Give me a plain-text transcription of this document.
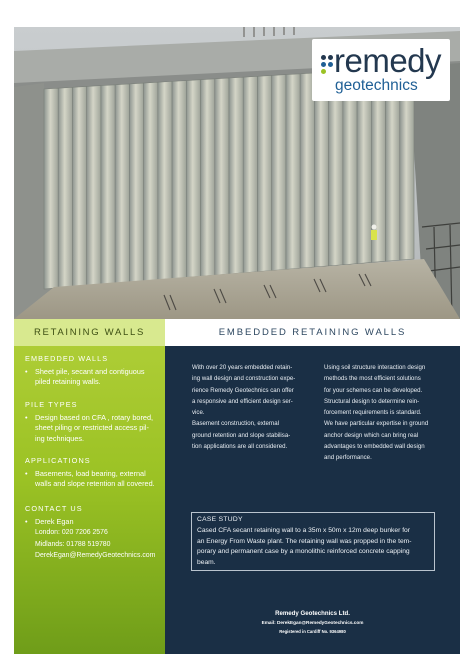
remedy
geotechnics
RETAINING WALLS
EMBEDDED WALLS
• Sheet pile, secant and contiguous
piled retaining walls.
PILE TYPES
• Design based on CFA , rotary bored,
sheet piling or restricted access pil-
ing techniques.
APPLICATIONS
• Basements, load bearing, external
walls and slope retention all covered.
CONTACT US
• Derek Egan
London: 020 7206 2576
Midlands: 01788 519780
DerekEgan@RemedyGeotechnics.com
EMBEDDED RETAINING WALLS
With over 20 years embedded retain-
ing wall design and construction expe-
rience Remedy Geotechnics can offer
a responsive and efficient design ser-
vice.
Basement construction, external
ground retention and slope stabilisa-
tion applications are all considered.
Using soil structure interaction design
methods the most efficient solutions
for your schemes can be developed.
Structural design to determine rein-
forcement requirements is standard.
We have particular expertise in ground
anchor design which can bring real
advantages to embedded wall design
and performance.
CASE STUDY
Cased CFA secant retaining wall to a 35m x 50m x 12m deep bunker for
an Energy From Waste plant. The retaining wall was propped in the tem-
porary and permanent case by a monolithic reinforced concrete capping
beam.
Remedy Geotechnics Ltd.
Email: DerekEgan@RemedyGeotechnics.com
Registered in Cardiff No. 9364980
